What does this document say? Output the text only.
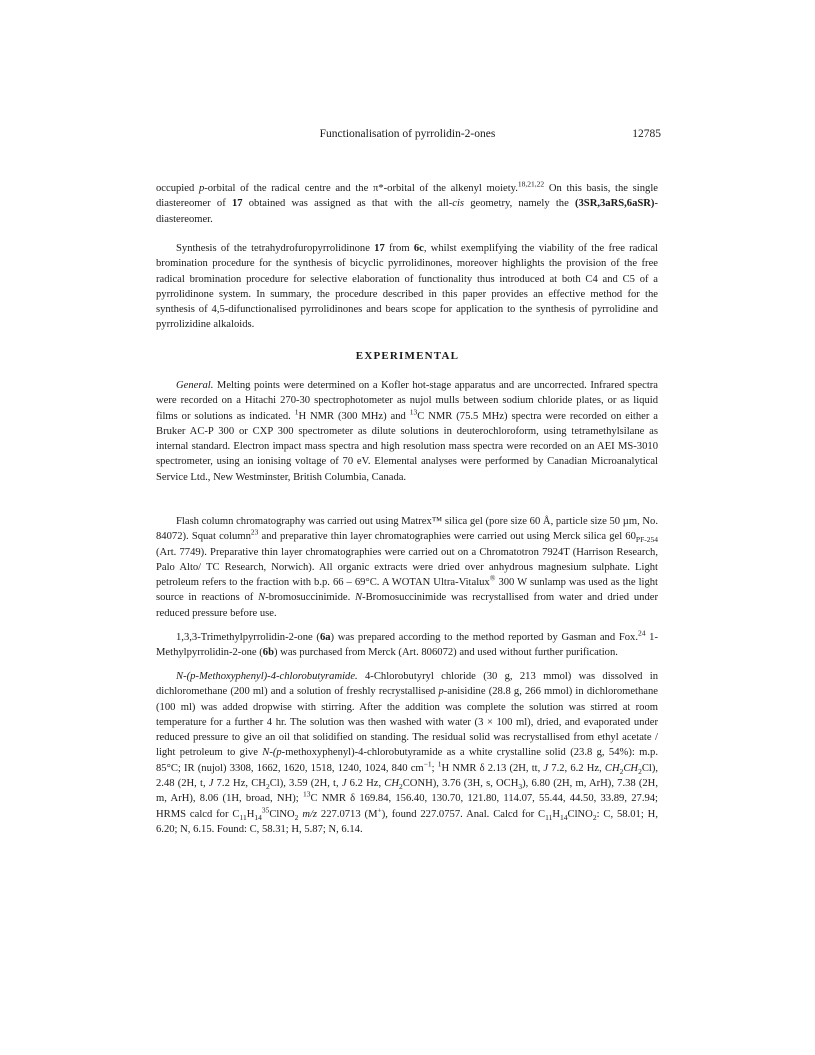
Functionalisation of pyrrolidin-2-ones	12785
occupied p-orbital of the radical centre and the π*-orbital of the alkenyl moiety.$^{18,21,22}$ On this basis, the single diastereomer of 17 obtained was assigned as that with the all-cis geometry, namely the (3SR,3aRS,6aSR)-diastereomer.
Synthesis of the tetrahydrofuropyrrolidinone 17 from 6c, whilst exemplifying the viability of the free radical bromination procedure for the synthesis of bicyclic pyrrolidinones, moreover highlights the provision of the free radical bromination procedure for selective elaboration of functionality thus introduced at both C4 and C5 of a pyrrolidinone system. In summary, the procedure described in this paper provides an effective method for the synthesis of 4,5-difunctionalised pyrrolidinones and bears scope for application to the synthesis of pyrrolidine and pyrrolizidine alkaloids.
EXPERIMENTAL
General. Melting points were determined on a Kofler hot-stage apparatus and are uncorrected. Infrared spectra were recorded on a Hitachi 270-30 spectrophotometer as nujol mulls between sodium chloride plates, or as liquid films or solutions as indicated. $^1$H NMR (300 MHz) and $^{13}$C NMR (75.5 MHz) spectra were recorded on either a Bruker AC-P 300 or CXP 300 spectrometer as dilute solutions in deuterochloroform, using tetramethylsilane as internal standard. Electron impact mass spectra and high resolution mass spectra were recorded on an AEI MS-3010 spectrometer, using an ionising voltage of 70 eV. Elemental analyses were performed by Canadian Microanalytical Service Ltd., New Westminster, British Columbia, Canada.
Flash column chromatography was carried out using Matrex™ silica gel (pore size 60 Å, particle size 50 µm, No. 84072). Squat column$^{23}$ and preparative thin layer chromatographies were carried out using Merck silica gel $60_{PF-254}$ (Art. 7749). Preparative thin layer chromatographies were carried out on a Chromatotron 7924T (Harrison Research, Palo Alto/ TC Research, Norwich). All organic extracts were dried over anhydrous magnesium sulphate. Light petroleum refers to the fraction with b.p. 66 – 69°C. A WOTAN Ultra-Vitalux® 300 W sunlamp was used as the light source in reactions of N-bromosuccinimide. N-Bromosuccinimide was recrystallised from water and dried under reduced pressure before use.
1,3,3-Trimethylpyrrolidin-2-one (6a) was prepared according to the method reported by Gasman and Fox.$^{24}$ 1-Methylpyrrolidin-2-one (6b) was purchased from Merck (Art. 806072) and used without further purification.
N-(p-Methoxyphenyl)-4-chlorobutyramide. 4-Chlorobutyryl chloride (30 g, 213 mmol) was dissolved in dichloromethane (200 ml) and a solution of freshly recrystallised p-anisidine (28.8 g, 266 mmol) in dichloromethane (100 ml) was added dropwise with stirring. After the addition was complete the solution was stirred at room temperature for a further 4 hr. The solution was then washed with water (3 × 100 ml), dried, and evaporated under reduced pressure to give an oil that solidified on standing. The residual solid was recrystallised from ethyl acetate / light petroleum to give N-(p-methoxyphenyl)-4-chlorobutyramide as a white crystalline solid (23.8 g, 54%): m.p. 85°C; IR (nujol) 3308, 1662, 1620, 1518, 1240, 1024, 840 $cm^{-1}$; $^1$H NMR δ 2.13 (2H, tt, J 7.2, 6.2 Hz, $CH_2CH_2Cl$), 2.48 (2H, t, J 7.2 Hz, $CH_2Cl$), 3.59 (2H, t, J 6.2 Hz, $CH_2CONH$), 3.76 (3H, s, $OCH_3$), 6.80 (2H, m, ArH), 7.38 (2H, m, ArH), 8.06 (1H, broad, NH); $^{13}$C NMR δ 169.84, 156.40, 130.70, 121.80, 114.07, 55.44, 44.50, 33.89, 27.94; HRMS calcd for $C_{11}H_{14}^{35}ClNO_2$ m/z 227.0713 (M+), found 227.0757. Anal. Calcd for $C_{11}H_{14}ClNO_2$: C, 58.01; H, 6.20; N, 6.15. Found: C, 58.31; H, 5.87; N, 6.14.
